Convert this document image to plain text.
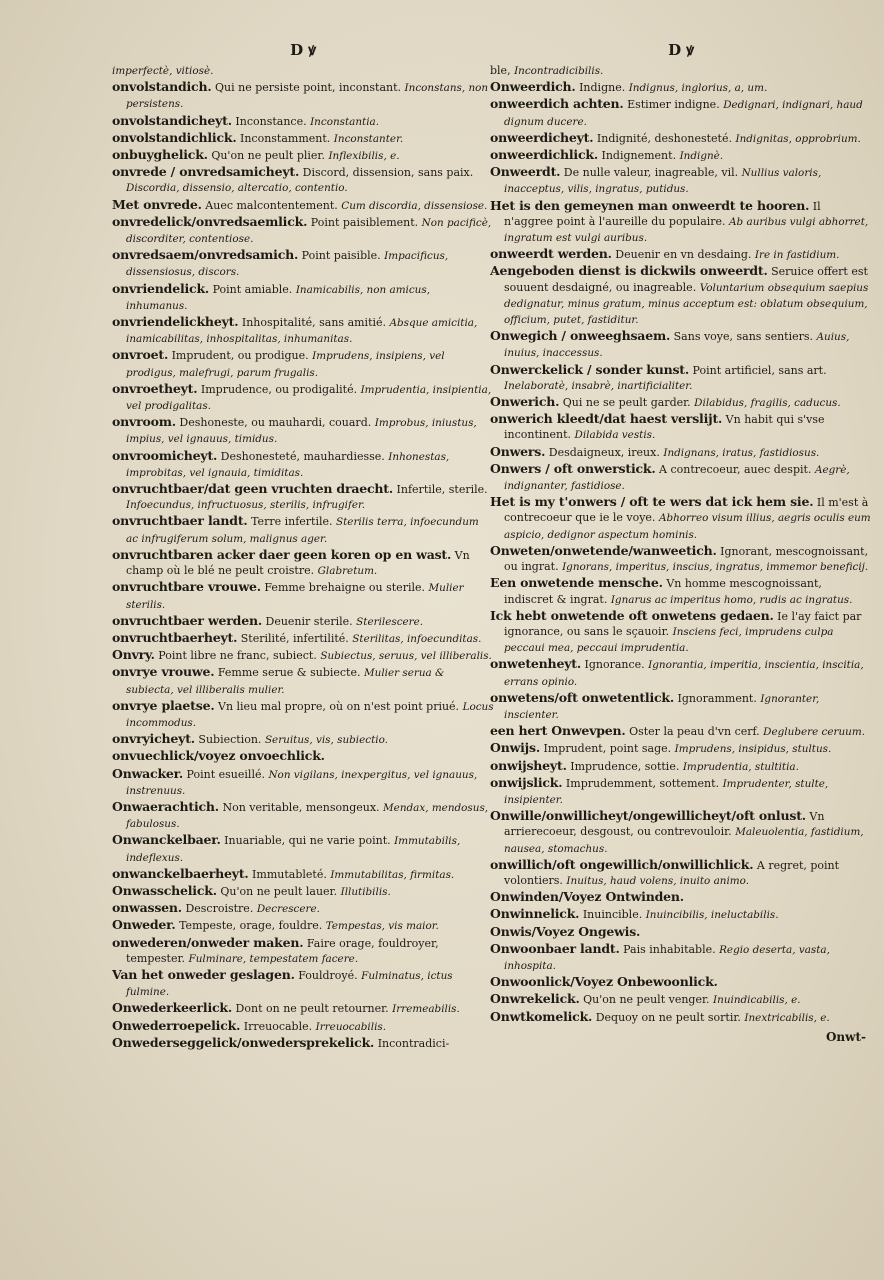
D ꝟ

imperfectè, vitiosè.

onvolstandich. Qui ne persiste point, inconstant. Inconstans, non persistens.

onvolstandicheyt. Inconstance. Inconstantia.

onvolstandichlick. Inconstamment. Inconstanter.

onbuyghelick. Qu'on ne peult plier. Inflexibilis, e.

onvrede / onvredsamicheyt. Discord, dissension, sans paix. Discordia, dissensio, altercatio, contentio.

Met onvrede. Auec malcontentement. Cum discordia, dissensiose.

onvredelick/onvredsaemlick. Point paisiblement. Non pacificè, discorditer, contentiose.

onvredsaem/onvredsamich. Point paisible. Impacificus, dissensiosus, discors.

onvriendelick. Point amiable. Inamicabilis, non amicus, inhumanus.

onvriendelickheyt. Inhospitalité, sans amitié. Absque amicitia, inamicabilitas, inhospitalitas, inhumanitas.

onvroet. Imprudent, ou prodigue. Imprudens, insipiens, vel prodigus, malefrugi, parum frugalis.

onvroetheyt. Imprudence, ou prodigalité. Imprudentia, insipientia, vel prodigalitas.

onvroom. Deshoneste, ou mauhardi, couard. Improbus, iniustus, impius, vel ignauus, timidus.

onvroomicheyt. Deshonesteté, mauhardiesse. Inhonestas, improbitas, vel ignauia, timiditas.

onvruchtbaer/dat geen vruchten draecht. Infertile, sterile. Infoecundus, infructuosus, sterilis, infrugifer.

onvruchtbaer landt. Terre infertile. Sterilis terra, infoecundum ac infrugiferum solum, malignus ager.

onvruchtbaren acker daer geen koren op en wast. Vn champ où le blé ne peult croistre. Glabretum.

onvruchtbare vrouwe. Femme brehaigne ou sterile. Mulier sterilis.

onvruchtbaer werden. Deuenir sterile. Sterilescere.

onvruchtbaerheyt. Sterilité, infertilité. Sterilitas, infoecunditas.

Onvry. Point libre ne franc, subiect. Subiectus, seruus, vel illiberalis.

onvrye vrouwe. Femme serue & subiecte. Mulier serua & subiecta, vel illiberalis mulier.

onvrye plaetse. Vn lieu mal propre, où on n'est point priué. Locus incommodus.

onvryicheyt. Subiection. Seruitus, vis, subiectio.

onvuechlick/voyez onvoechlick.

Onwacker. Point esueillé. Non vigilans, inexpergitus, vel ignauus, instrenuus.

Onwaerachtich. Non veritable, mensongeux. Mendax, mendosus, fabulosus.

Onwanckelbaer. Inuariable, qui ne varie point. Immutabilis, indeflexus.

onwanckelbaerheyt. Immutableté. Immutabilitas, firmitas.

Onwasschelick. Qu'on ne peult lauer. Illutibilis.

onwassen. Descroistre. Decrescere.

Onweder. Tempeste, orage, fouldre. Tempestas, vis maior.

onwederen/onweder maken. Faire orage, fouldroyer, tempester. Fulminare, tempestatem facere.

Van het onweder geslagen. Fouldroyé. Fulminatus, ictus fulmine.

Onwederkeerlick. Dont on ne peult retourner. Irremeabilis.

Onwederroepelick. Irreuocable. Irreuocabilis.

Onwederseggelick/onwedersprekelick. Incontradici-

D ꝟ

ble, Incontradicibilis.

Onweerdich. Indigne. Indignus, inglorius, a, um.

onweerdich achten. Estimer indigne. Dedignari, indignari, haud dignum ducere.

onweerdicheyt. Indignité, deshonesteté. Indignitas, opprobrium.

onweerdichlick. Indignement. Indignè.

Onweerdt. De nulle valeur, inagreable, vil. Nullius valoris, inacceptus, vilis, ingratus, putidus.

Het is den gemeynen man onweerdt te hooren. Il n'aggree point à l'aureille du populaire. Ab auribus vulgi abhorret, ingratum est vulgi auribus.

onweerdt werden. Deuenir en vn desdaing. Ire in fastidium.

Aengeboden dienst is dickwils onweerdt. Seruice offert est souuent desdaigné, ou inagreable. Voluntarium obsequium saepius dedignatur, minus gratum, minus acceptum est: oblatum obsequium, officium, putet, fastiditur.

Onwegich / onweeghsaem. Sans voye, sans sentiers. Auius, inuius, inaccessus.

Onwerckelick / sonder kunst. Point artificiel, sans art. Inelaboratè, insabrè, inartificialiter.

Onwerich. Qui ne se peult garder. Dilabidus, fragilis, caducus.

onwerich kleedt/dat haest verslijt. Vn habit qui s'vse incontinent. Dilabida vestis.

Onwers. Desdaigneux, ireux. Indignans, iratus, fastidiosus.

Onwers / oft onwerstick. A contrecoeur, auec despit. Aegrè, indignanter, fastidiose.

Het is my t'onwers / oft te wers dat ick hem sie. Il m'est à contrecoeur que ie le voye. Abhorreo visum illius, aegris oculis eum aspicio, dedignor aspectum hominis.

Onweten/onwetende/wanweetich. Ignorant, mescognoissant, ou ingrat. Ignorans, imperitus, inscius, ingratus, immemor beneficij.

Een onwetende mensche. Vn homme mescognoissant, indiscret & ingrat. Ignarus ac imperitus homo, rudis ac ingratus.

Ick hebt onwetende oft onwetens gedaen. Ie l'ay faict par ignorance, ou sans le sçauoir. Insciens feci, imprudens culpa peccaui mea, peccaui imprudentia.

onwetenheyt. Ignorance. Ignorantia, imperitia, inscientia, inscitia, errans opinio.

onwetens/oft onwetentlick. Ignoramment. Ignoranter, inscienter.

een hert Onwevpen. Oster la peau d'vn cerf. Deglubere ceruum.

Onwijs. Imprudent, point sage. Imprudens, insipidus, stultus.

onwijsheyt. Imprudence, sottie. Imprudentia, stultitia.

onwijslick. Imprudemment, sottement. Imprudenter, stulte, insipienter.

Onwille/onwillicheyt/ongewillicheyt/oft onlust. Vn arrierecoeur, desgoust, ou contrevouloir. Maleuolentia, fastidium, nausea, stomachus.

onwillich/oft ongewillich/onwillichlick. A regret, point volontiers. Inuitus, haud volens, inuito animo.

Onwinden/Voyez Ontwinden.

Onwinnelick. Inuincible. Inuincibilis, ineluctabilis.

Onwis/Voyez Ongewis.

Onwoonbaer landt. Pais inhabitable. Regio deserta, vasta, inhospita.

Onwoonlick/Voyez Onbewoonlick.

Onwrekelick. Qu'on ne peult venger. Inuindicabilis, e.

Onwtkomelick. Dequoy on ne peult sortir. Inextricabilis, e.

Onwt-
